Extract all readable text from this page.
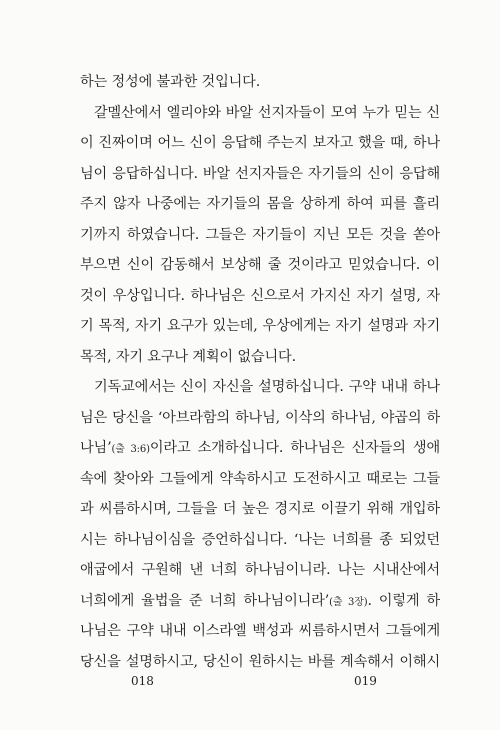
하는 정성에 불과한 것입니다.
갈멜산에서 엘리야와 바알 선지자들이 모여 누가 믿는 신
이 진짜이며 어느 신이 응답해 주는지 보자고 했을 때, 하나
님이 응답하십니다. 바알 선지자들은 자기들의 신이 응답해
주지 않자 나중에는 자기들의 몸을 상하게 하여 피를 흘리
기까지 하였습니다. 그들은 자기들이 지닌 모든 것을 쏟아
부으면 신이 감동해서 보상해 줄 것이라고 믿었습니다. 이
것이 우상입니다. 하나님은 신으로서 가지신 자기 설명, 자
기 목적, 자기 요구가 있는데, 우상에게는 자기 설명과 자기
목적, 자기 요구나 계획이 없습니다.
기독교에서는 신이 자신을 설명하십니다. 구약 내내 하나
님은 당신을 ‘아브라함의 하나님, 이삭의 하나님, 야곱의 하
나님’(출 3:6)이라고 소개하십니다. 하나님은 신자들의 생애
속에 찾아와 그들에게 약속하시고 도전하시고 때로는 그들
과 씨름하시며, 그들을 더 높은 경지로 이끌기 위해 개입하
시는 하나님이심을 증언하십니다. ‘나는 너희를 종 되었던
애굽에서 구원해 낸 너희 하나님이니라. 나는 시내산에서
너희에게 율법을 준 너희 하나님이니라’(출 3장). 이렇게 하
나님은 구약 내내 이스라엘 백성과 씨름하시면서 그들에게
당신을 설명하시고, 당신이 원하시는 바를 계속해서 이해시
018	019
